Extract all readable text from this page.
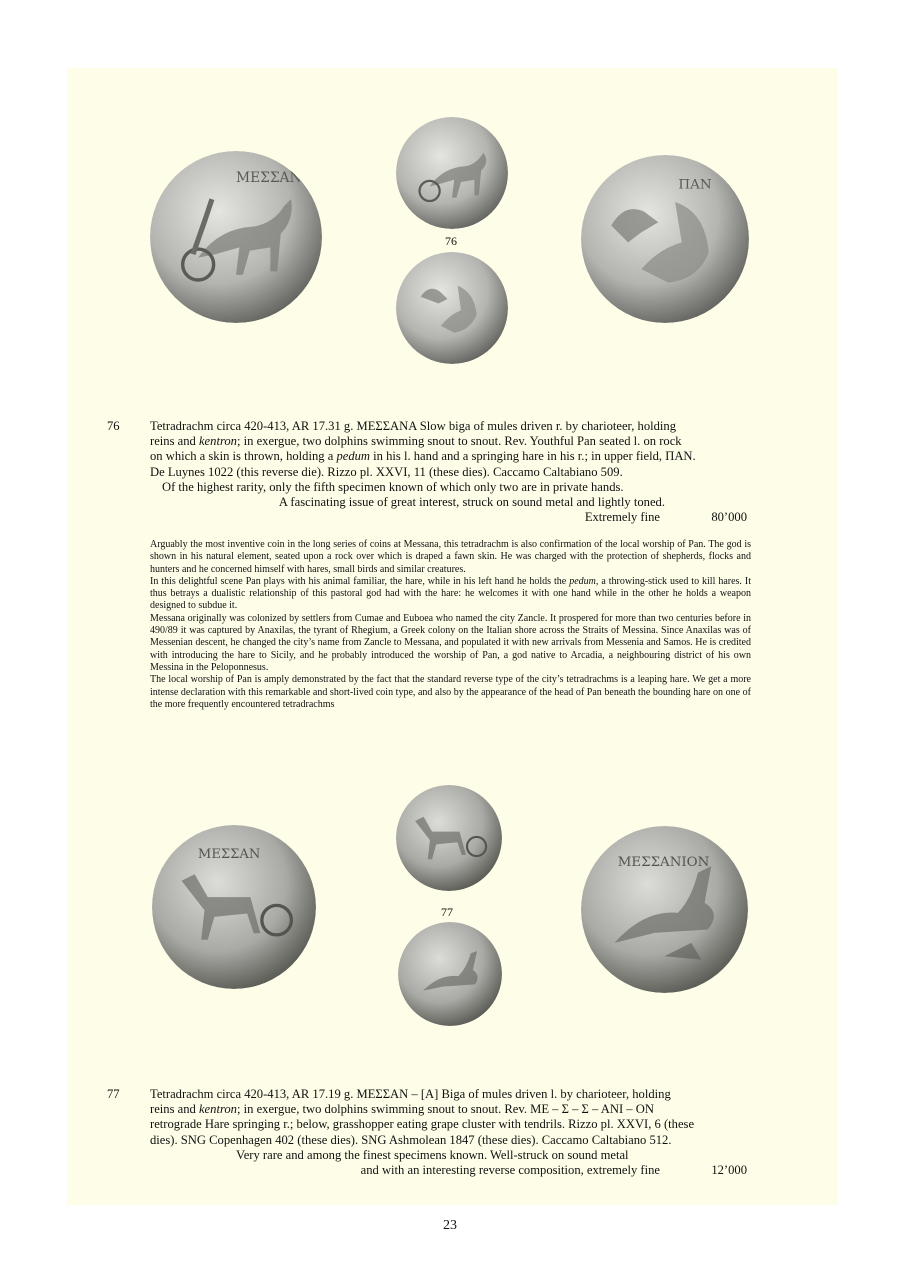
ΜΕΣΣΑΝΑ
76
ΠΑΝ
76 Tetradrachm circa 420-413, AR 17.31 g. ΜΕΣΣΑΝΑ Slow biga of mules driven r. by charioteer, holding
reins and kentron; in exergue, two dolphins swimming snout to snout. Rev. Youthful Pan seated l. on rock
on which a skin is thrown, holding a pedum in his l. hand and a springing hare in his r.; in upper field, ΠΑΝ.
De Luynes 1022 (this reverse die). Rizzo pl. XXVI, 11 (these dies). Caccamo Caltabiano 509.
Of the highest rarity, only the fifth specimen known of which only two are in private hands.
A fascinating issue of great interest, struck on sound metal and lightly toned.
Extremely fine	80’000

Arguably the most inventive coin in the long series of coins at Messana, this tetradrachm is also confirmation of the local worship of Pan. The god is shown in his natural element, seated upon a rock over which is draped a fawn skin. He was charged with the protection of shepherds, flocks and hunters and he concerned himself with hares, small birds and similar creatures.

In this delightful scene Pan plays with his animal familiar, the hare, while in his left hand he holds the pedum, a throwing-stick used to kill hares. It thus betrays a dualistic relationship of this pastoral god had with the hare: he welcomes it with one hand while in the other he holds a weapon designed to subdue it.

Messana originally was colonized by settlers from Cumae and Euboea who named the city Zancle. It prospered for more than two centuries before in 490/89 it was captured by Anaxilas, the tyrant of Rhegium, a Greek colony on the Italian shore across the Straits of Messina. Since Anaxilas was of Messenian descent, he changed the city’s name from Zancle to Messana, and populated it with new arrivals from Messenia and Samos. He is credited with introducing the hare to Sicily, and he probably introduced the worship of Pan, a god native to Arcadia, a neighbouring district of his own Messina in the Peloponnesus.

The local worship of Pan is amply demonstrated by the fact that the standard reverse type of the city’s tetradrachms is a leaping hare. We get a more intense declaration with this remarkable and short-lived coin type, and also by the appearance of the head of Pan beneath the bounding hare on one of the more frequently encountered tetradrachms

ΜΕΣΣΑΝ
77
ΜΕΣΣΑΝΙΟΝ
77 Tetradrachm circa 420-413, AR 17.19 g. ΜΕΣΣΑΝ – [Α] Biga of mules driven l. by charioteer, holding
reins and kentron; in exergue, two dolphins swimming snout to snout. Rev. ΜΕ – Σ – Σ – ΑΝΙ – ΟΝ
retrograde Hare springing r.; below, grasshopper eating grape cluster with tendrils. Rizzo pl. XXVI, 6 (these
dies). SNG Copenhagen 402 (these dies). SNG Ashmolean 1847 (these dies). Caccamo Caltabiano 512.
Very rare and among the finest specimens known. Well-struck on sound metal
and with an interesting reverse composition, extremely fine	12’000
23
